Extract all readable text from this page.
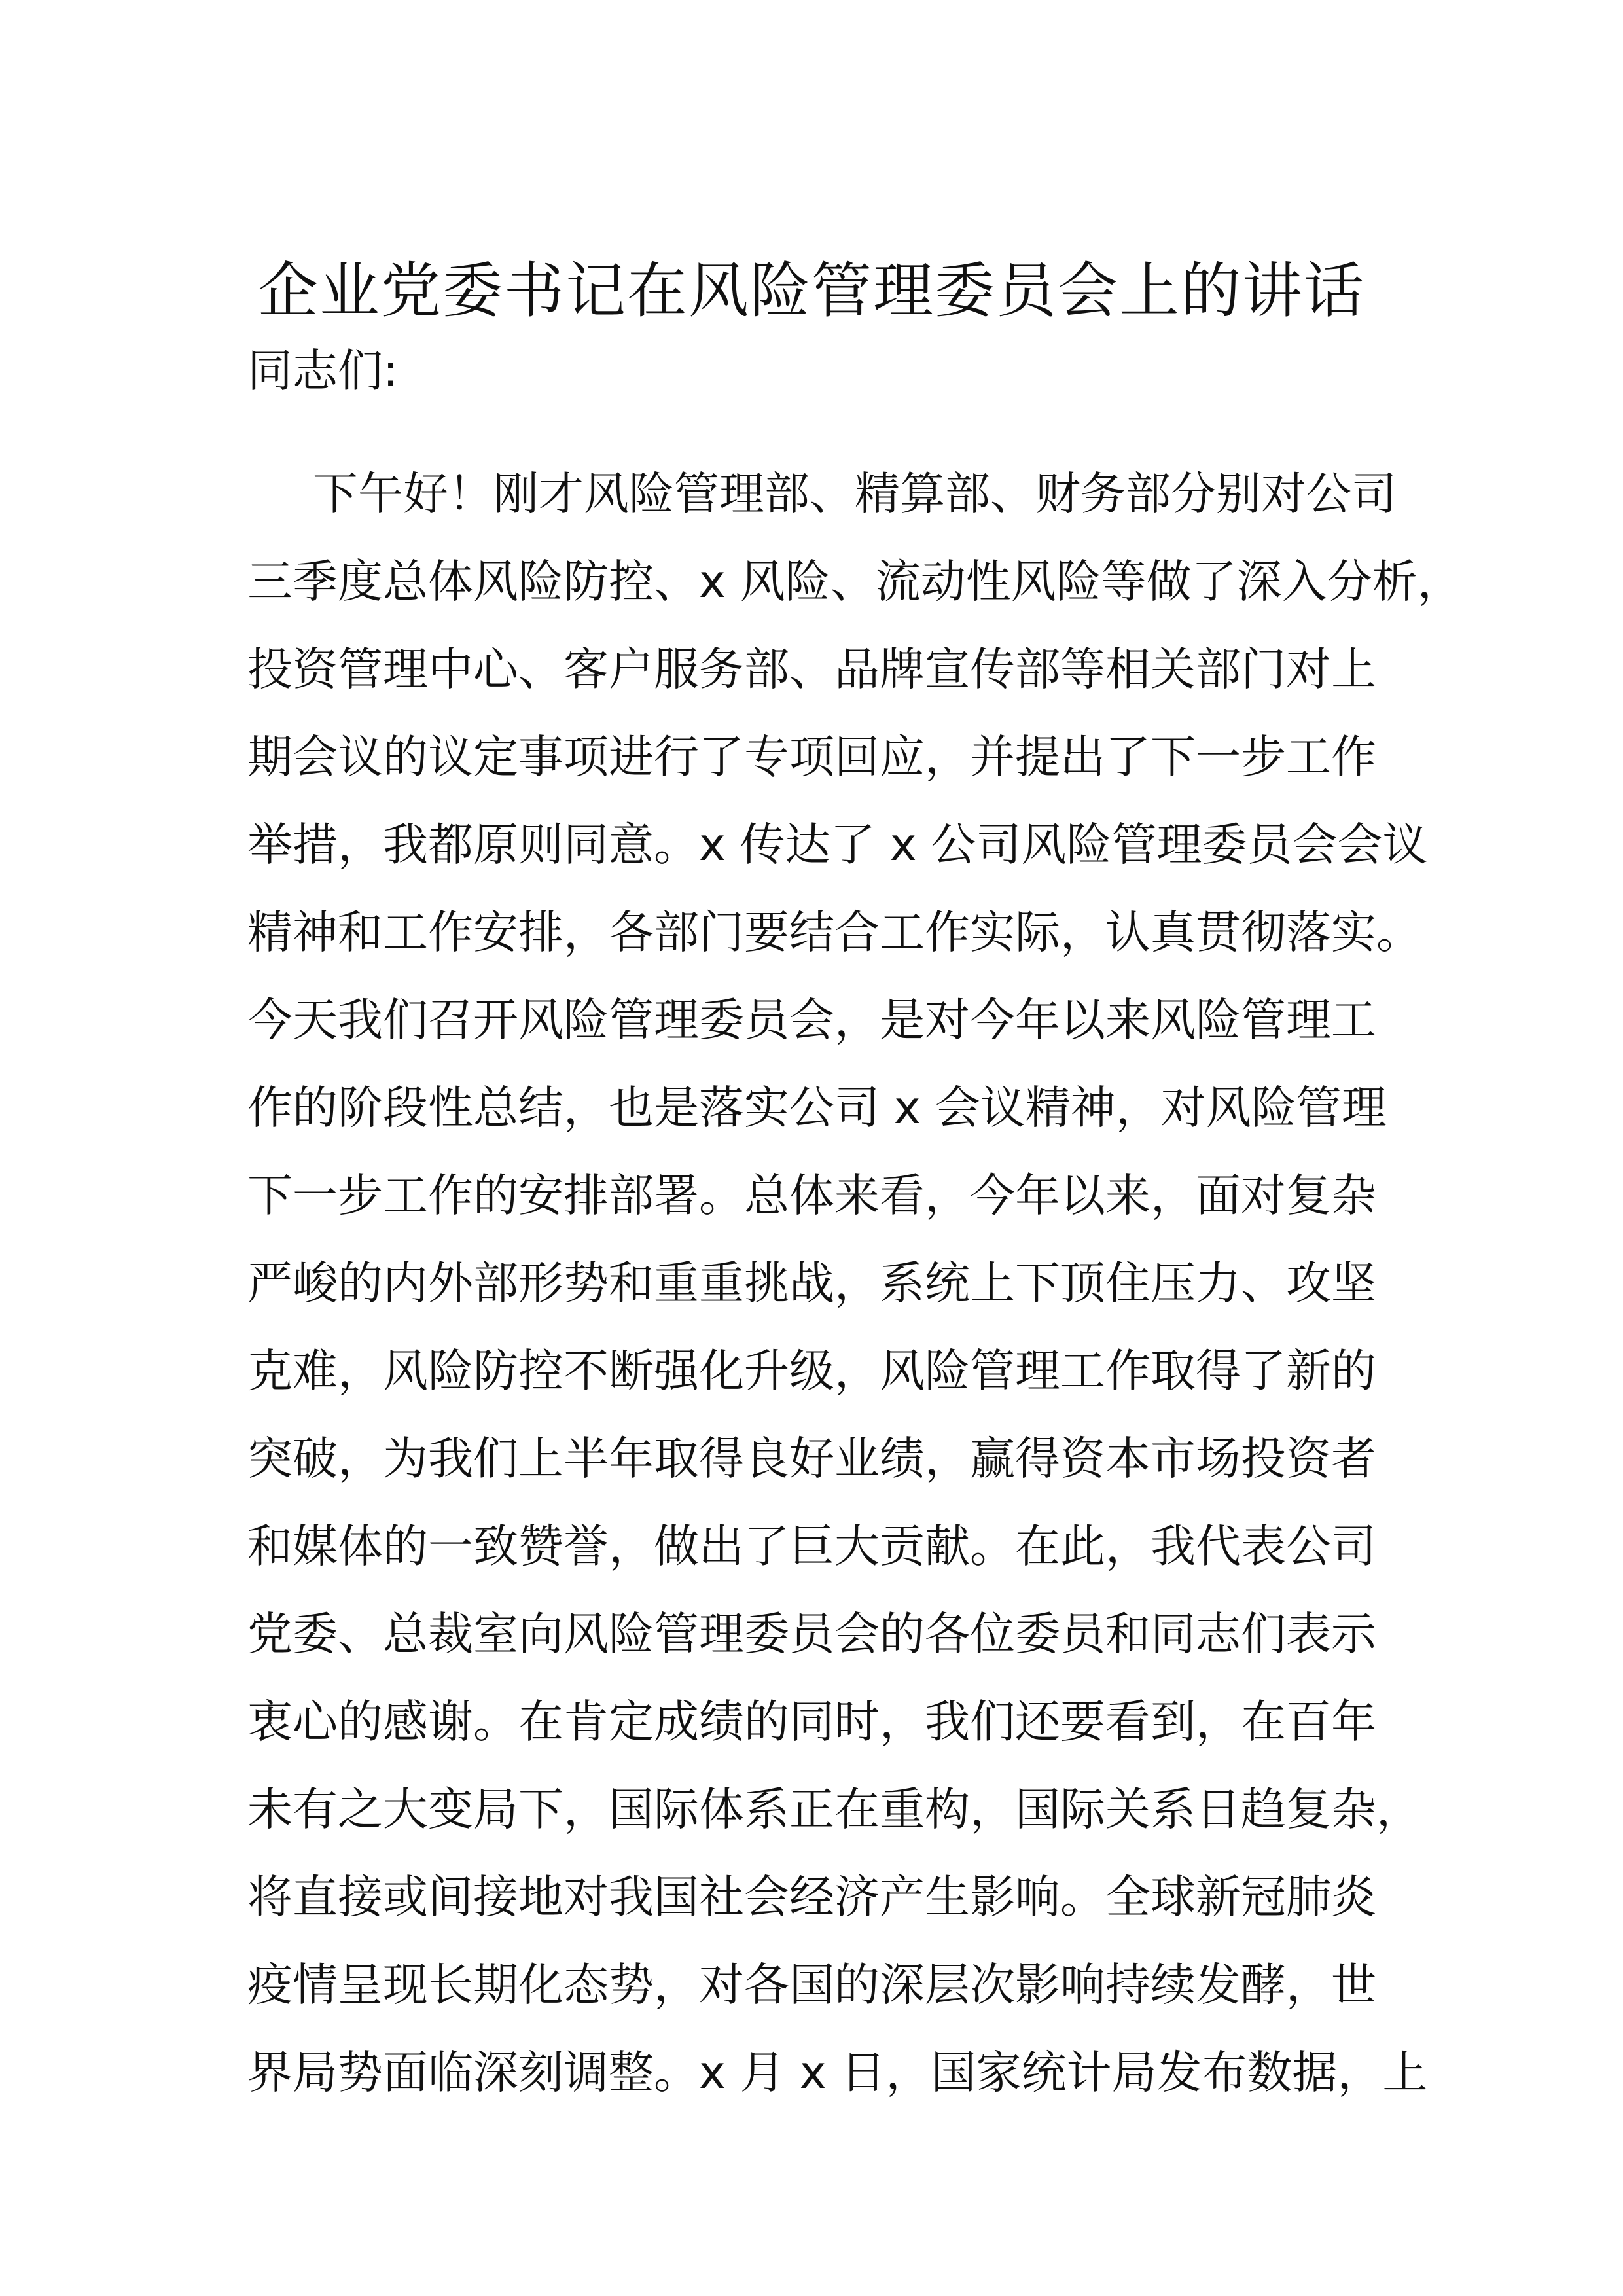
企业党委书记在风险管理委员会上的讲话

同志们:

下午好！刚才风险管理部、精算部、财务部分别对公司
三季度总体风险防控、x 风险、流动性风险等做了深入分析，
投资管理中心、客户服务部、品牌宣传部等相关部门对上
期会议的议定事项进行了专项回应，并提出了下一步工作
举措，我都原则同意。x 传达了 x 公司风险管理委员会会议
精神和工作安排，各部门要结合工作实际，认真贯彻落实。
今天我们召开风险管理委员会，是对今年以来风险管理工
作的阶段性总结，也是落实公司 x 会议精神，对风险管理
下一步工作的安排部署。总体来看，今年以来，面对复杂
严峻的内外部形势和重重挑战，系统上下顶住压力、攻坚
克难，风险防控不断强化升级，风险管理工作取得了新的
突破，为我们上半年取得良好业绩，赢得资本市场投资者
和媒体的一致赞誉，做出了巨大贡献。在此，我代表公司
党委、总裁室向风险管理委员会的各位委员和同志们表示
衷心的感谢。在肯定成绩的同时，我们还要看到，在百年
未有之大变局下，国际体系正在重构，国际关系日趋复杂，
将直接或间接地对我国社会经济产生影响。全球新冠肺炎
疫情呈现长期化态势，对各国的深层次影响持续发酵，世
界局势面临深刻调整。x 月 x 日，国家统计局发布数据，上
